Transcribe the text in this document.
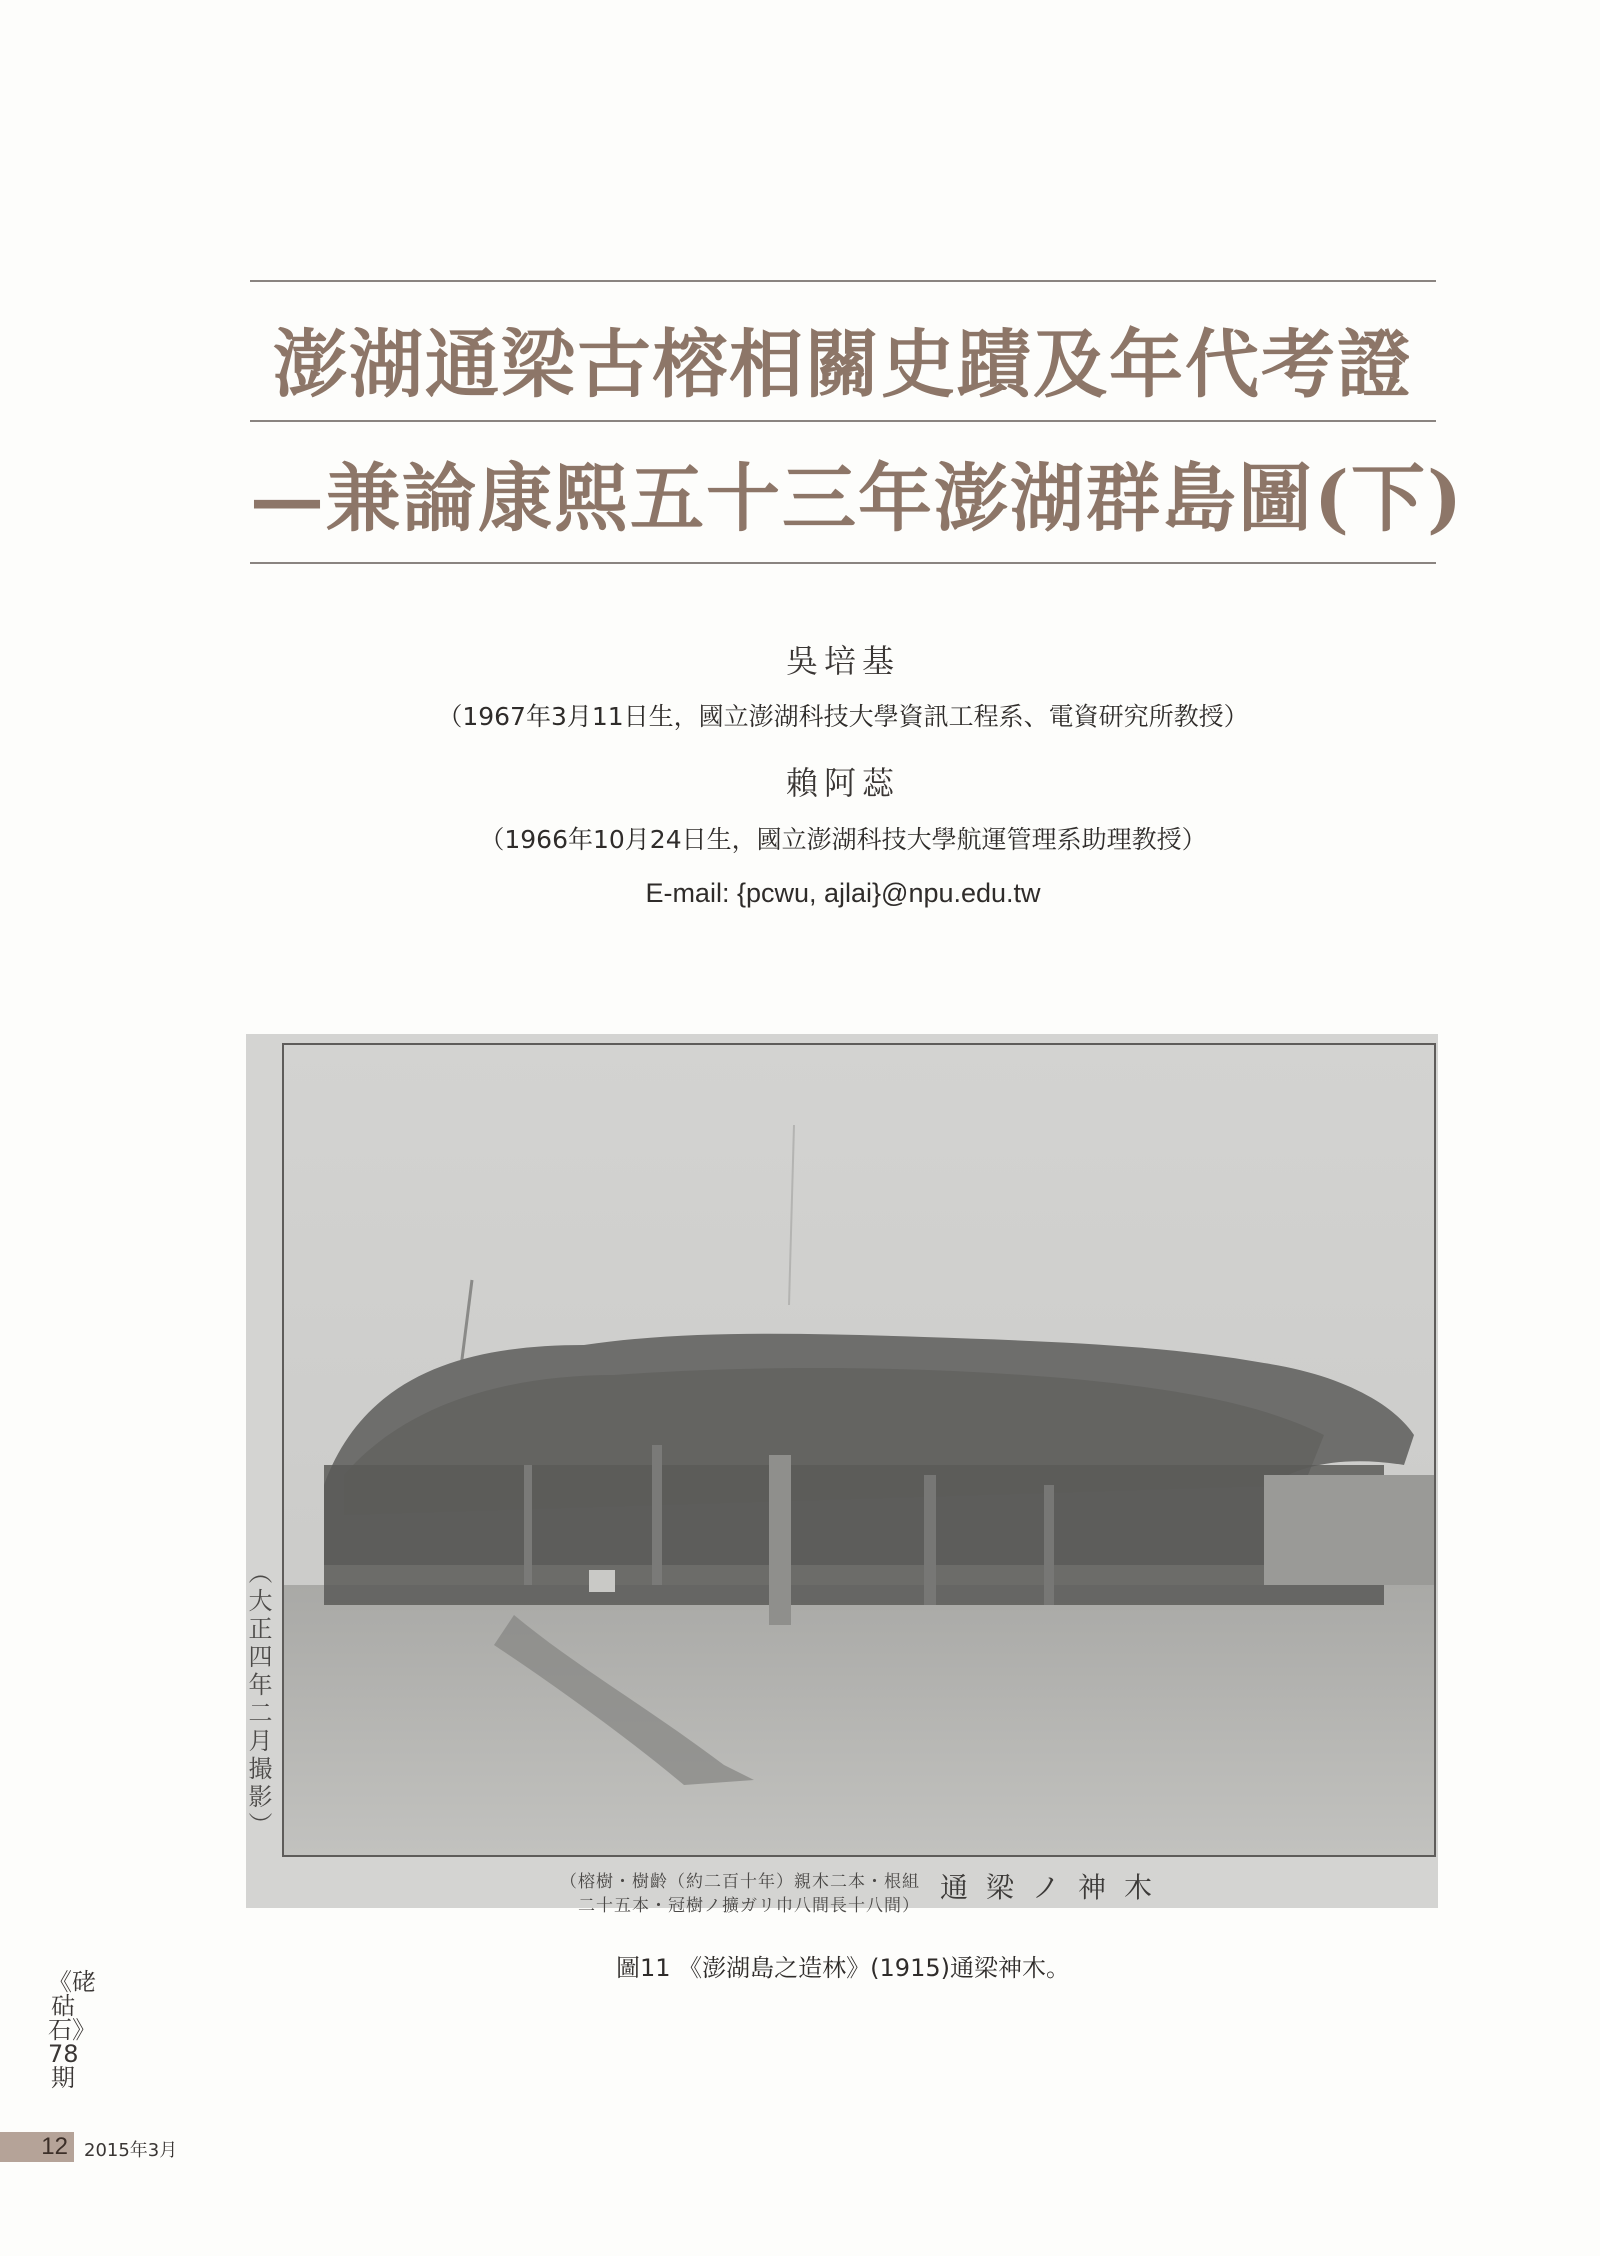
澎湖通梁古榕相關史蹟及年代考證
—兼論康熙五十三年澎湖群島圖(下)
吳培基
（1967年3月11日生，國立澎湖科技大學資訊工程系、電資研究所教授）
賴阿蕊
（1966年10月24日生，國立澎湖科技大學航運管理系助理教授）
E-mail: {pcwu, ajlai}@npu.edu.tw
（大正四年二月撮影）
（榕樹・樹齡（約二百十年）親木二本・根組
二十五本・冠樹ノ擴ガリ巾八間長十八間）
通梁ノ神木
圖11 《澎湖島之造林》(1915)通梁神木。
《硓𥑮石》78期
12 2015年3月
